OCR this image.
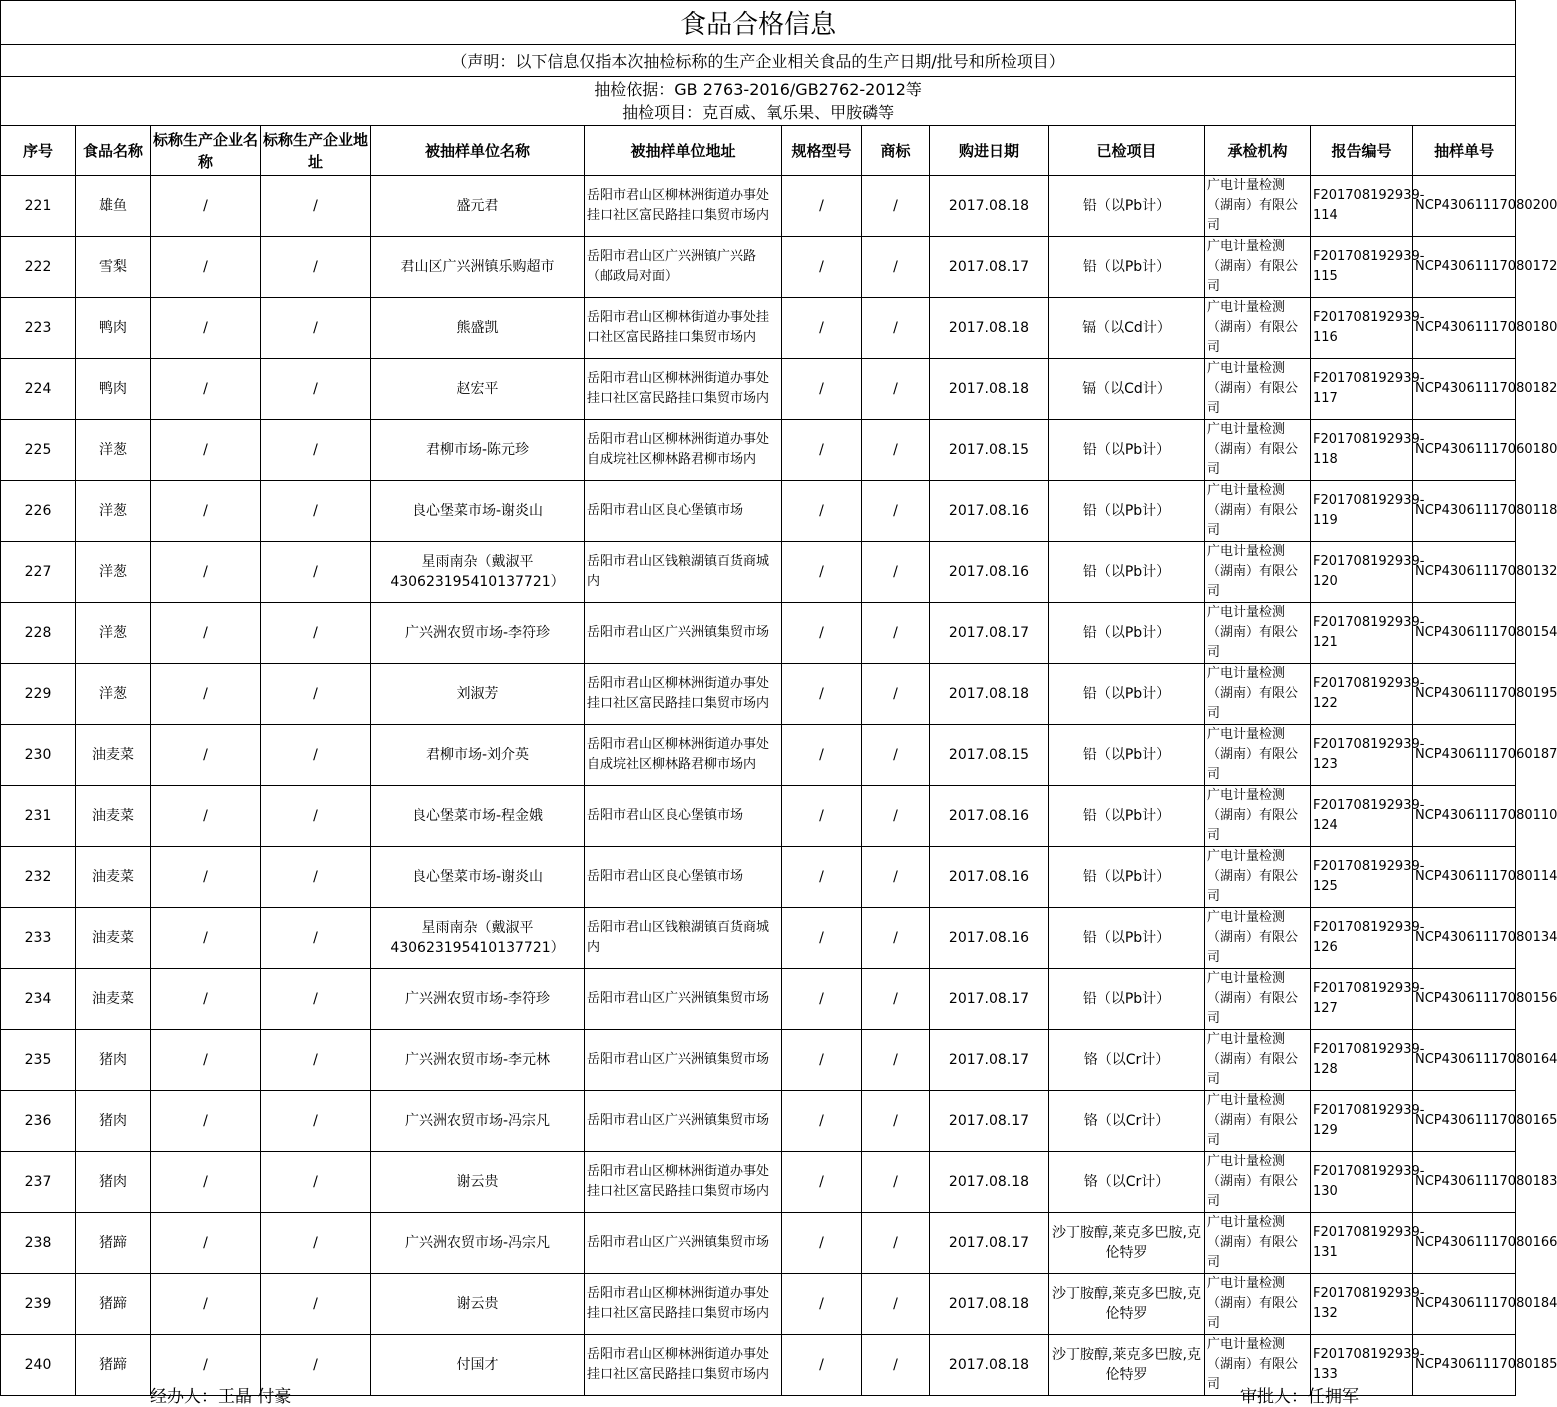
食品合格信息												
（声明：以下信息仅指本次抽检标称的生产企业相关食品的生产日期/批号和所检项目）												

抽检依据：GB 2763-2016/GB2762-2012等
抽检项目：克百威、氧乐果、甲胺磷等												

序号	食品名称	标称生产企业名称	标称生产企业地址	被抽样单位名称	被抽样单位地址	规格型号	商标	购进日期	已检项目	承检机构	报告编号	抽样单号
221	雄鱼	/	/	盛元君	岳阳市君山区柳林洲街道办事处挂口社区富民路挂口集贸市场内	/	/	2017.08.18	铅（以Pb计）	广电计量检测（湖南）有限公司	F201708192939-114	NCP43061117080200
222	雪梨	/	/	君山区广兴洲镇乐购超市	岳阳市君山区广兴洲镇广兴路（邮政局对面）	/	/	2017.08.17	铅（以Pb计）	广电计量检测（湖南）有限公司	F201708192939-115	NCP43061117080172
223	鸭肉	/	/	熊盛凯	岳阳市君山区柳林街道办事处挂口社区富民路挂口集贸市场内	/	/	2017.08.18	镉（以Cd计）	广电计量检测（湖南）有限公司	F201708192939-116	NCP43061117080180
224	鸭肉	/	/	赵宏平	岳阳市君山区柳林洲街道办事处挂口社区富民路挂口集贸市场内	/	/	2017.08.18	镉（以Cd计）	广电计量检测（湖南）有限公司	F201708192939-117	NCP43061117080182
225	洋葱	/	/	君柳市场-陈元珍	岳阳市君山区柳林洲街道办事处自成垸社区柳林路君柳市场内	/	/	2017.08.15	铅（以Pb计）	广电计量检测（湖南）有限公司	F201708192939-118	NCP43061117060180
226	洋葱	/	/	良心堡菜市场-谢炎山	岳阳市君山区良心堡镇市场	/	/	2017.08.16	铅（以Pb计）	广电计量检测（湖南）有限公司	F201708192939-119	NCP43061117080118
227	洋葱	/	/	星雨南杂（戴淑平430623195410137721）	岳阳市君山区钱粮湖镇百货商城内	/	/	2017.08.16	铅（以Pb计）	广电计量检测（湖南）有限公司	F201708192939-120	NCP43061117080132
228	洋葱	/	/	广兴洲农贸市场-李符珍	岳阳市君山区广兴洲镇集贸市场	/	/	2017.08.17	铅（以Pb计）	广电计量检测（湖南）有限公司	F201708192939-121	NCP43061117080154
229	洋葱	/	/	刘淑芳	岳阳市君山区柳林洲街道办事处挂口社区富民路挂口集贸市场内	/	/	2017.08.18	铅（以Pb计）	广电计量检测（湖南）有限公司	F201708192939-122	NCP43061117080195
230	油麦菜	/	/	君柳市场-刘介英	岳阳市君山区柳林洲街道办事处自成垸社区柳林路君柳市场内	/	/	2017.08.15	铅（以Pb计）	广电计量检测（湖南）有限公司	F201708192939-123	NCP43061117060187
231	油麦菜	/	/	良心堡菜市场-程金娥	岳阳市君山区良心堡镇市场	/	/	2017.08.16	铅（以Pb计）	广电计量检测（湖南）有限公司	F201708192939-124	NCP43061117080110
232	油麦菜	/	/	良心堡菜市场-谢炎山	岳阳市君山区良心堡镇市场	/	/	2017.08.16	铅（以Pb计）	广电计量检测（湖南）有限公司	F201708192939-125	NCP43061117080114
233	油麦菜	/	/	星雨南杂（戴淑平430623195410137721）	岳阳市君山区钱粮湖镇百货商城内	/	/	2017.08.16	铅（以Pb计）	广电计量检测（湖南）有限公司	F201708192939-126	NCP43061117080134
234	油麦菜	/	/	广兴洲农贸市场-李符珍	岳阳市君山区广兴洲镇集贸市场	/	/	2017.08.17	铅（以Pb计）	广电计量检测（湖南）有限公司	F201708192939-127	NCP43061117080156
235	猪肉	/	/	广兴洲农贸市场-李元林	岳阳市君山区广兴洲镇集贸市场	/	/	2017.08.17	铬（以Cr计）	广电计量检测（湖南）有限公司	F201708192939-128	NCP43061117080164
236	猪肉	/	/	广兴洲农贸市场-冯宗凡	岳阳市君山区广兴洲镇集贸市场	/	/	2017.08.17	铬（以Cr计）	广电计量检测（湖南）有限公司	F201708192939-129	NCP43061117080165
237	猪肉	/	/	谢云贵	岳阳市君山区柳林洲街道办事处挂口社区富民路挂口集贸市场内	/	/	2017.08.18	铬（以Cr计）	广电计量检测（湖南）有限公司	F201708192939-130	NCP43061117080183
238	猪蹄	/	/	广兴洲农贸市场-冯宗凡	岳阳市君山区广兴洲镇集贸市场	/	/	2017.08.17	沙丁胺醇,莱克多巴胺,克伦特罗	广电计量检测（湖南）有限公司	F201708192939-131	NCP43061117080166
239	猪蹄	/	/	谢云贵	岳阳市君山区柳林洲街道办事处挂口社区富民路挂口集贸市场内	/	/	2017.08.18	沙丁胺醇,莱克多巴胺,克伦特罗	广电计量检测（湖南）有限公司	F201708192939-132	NCP43061117080184
240	猪蹄	/	/	付国才	岳阳市君山区柳林洲街道办事处挂口社区富民路挂口集贸市场内	/	/	2017.08.18	沙丁胺醇,莱克多巴胺,克伦特罗	广电计量检测（湖南）有限公司	F201708192939-133	NCP43061117080185
经办人：王晶 付豪	审批人：任拥军
